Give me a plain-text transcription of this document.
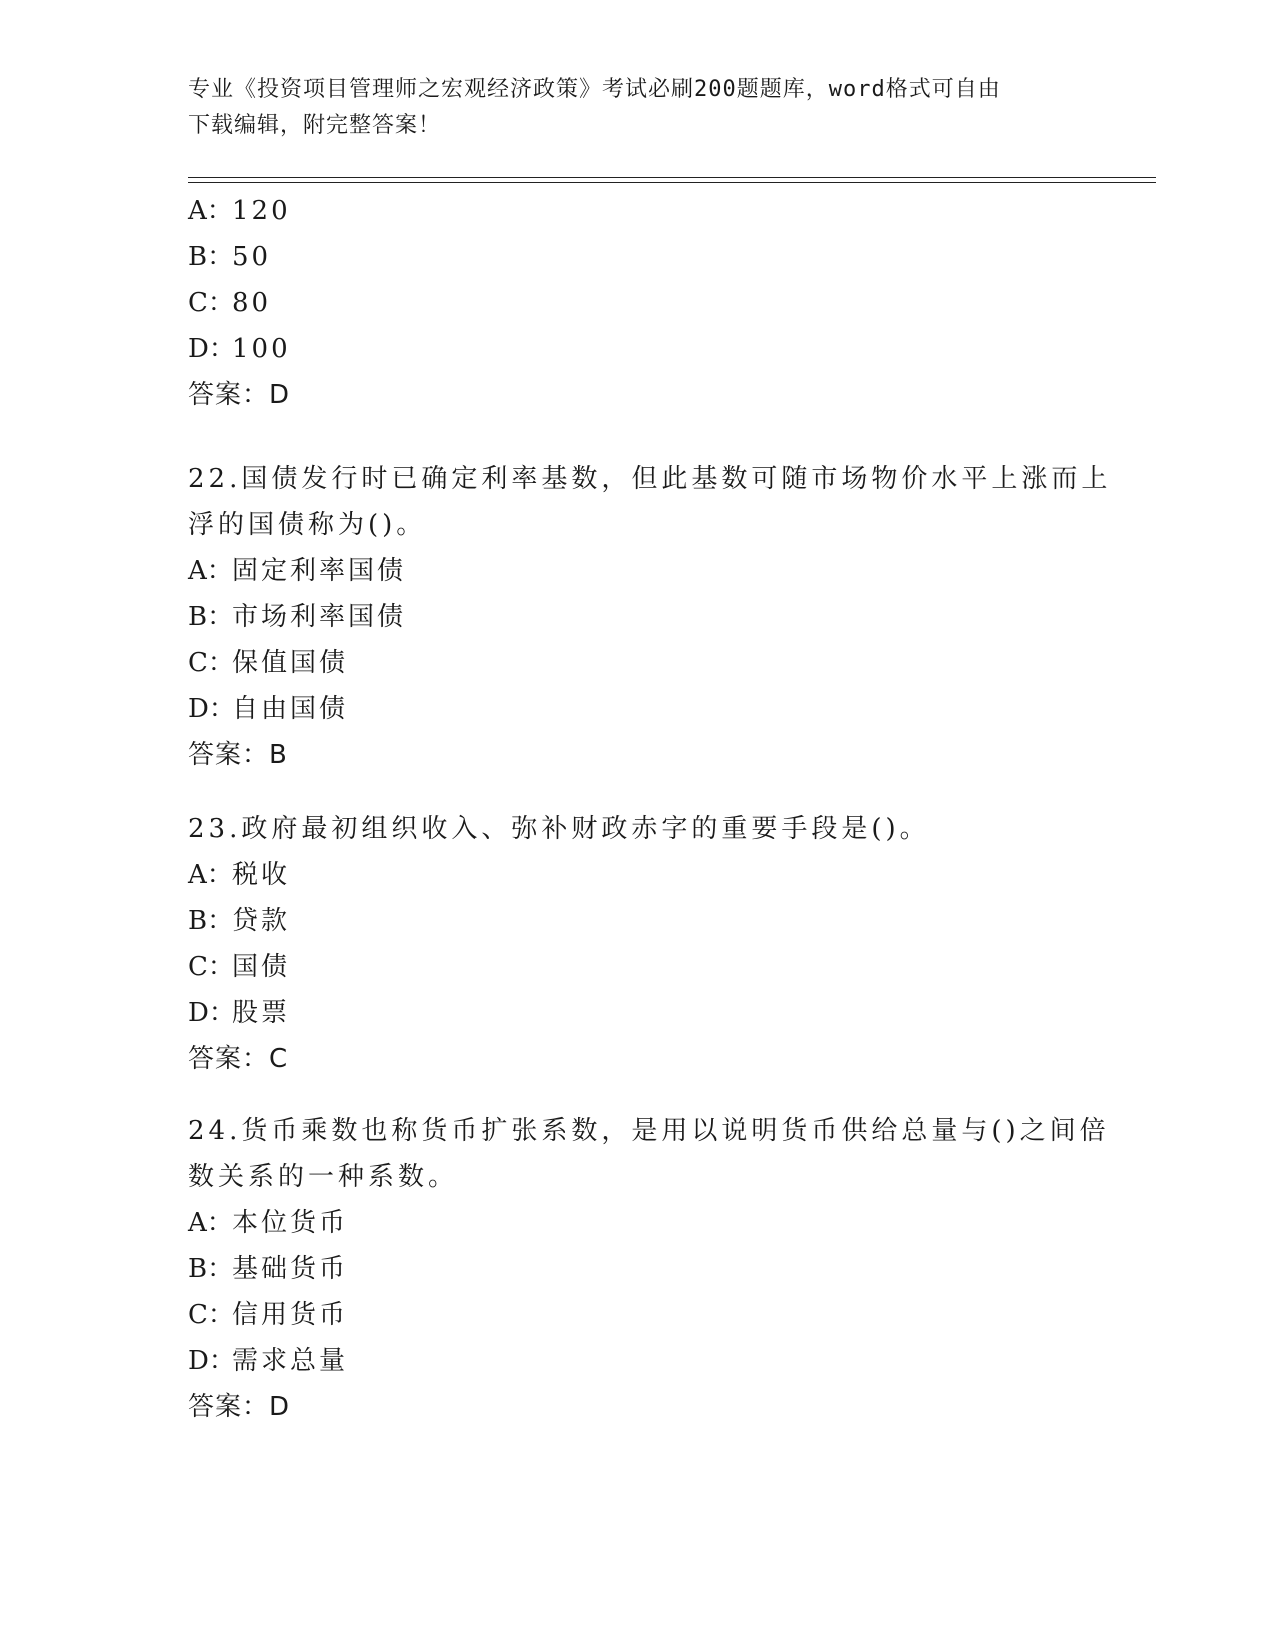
专业《投资项目管理师之宏观经济政策》考试必刷200题题库，word格式可自由
下载编辑，附完整答案！
A：120
B：50
C：80
D：100
答案：D
22.国债发行时已确定利率基数，但此基数可随市场物价水平上涨而上
浮的国债称为()。
A：固定利率国债
B：市场利率国债
C：保值国债
D：自由国债
答案：B
23.政府最初组织收入、弥补财政赤字的重要手段是()。
A：税收
B：贷款
C：国债
D：股票
答案：C
24.货币乘数也称货币扩张系数，是用以说明货币供给总量与()之间倍
数关系的一种系数。
A：本位货币
B：基础货币
C：信用货币
D：需求总量
答案：D
